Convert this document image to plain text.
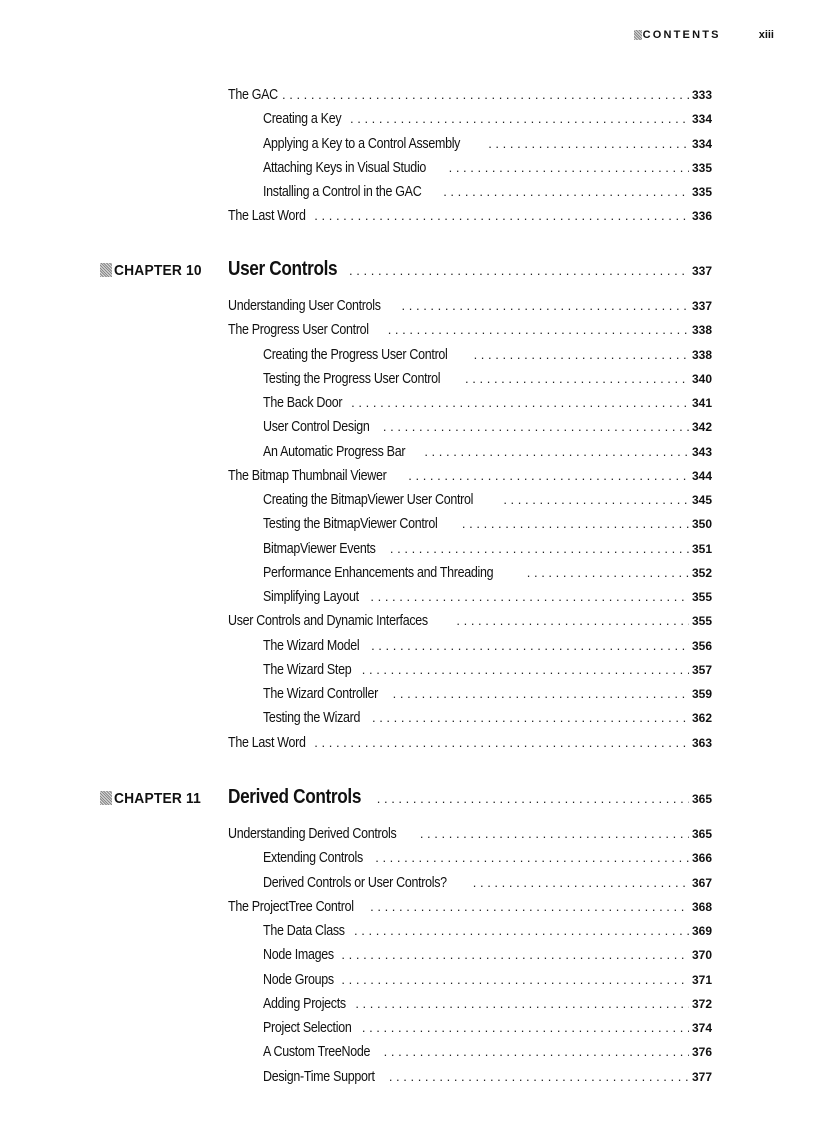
CONTENTS	xiii
The GAC . . .	333
Creating a Key . . .	334
Applying a Key to a Control Assembly . . .	334
Attaching Keys in Visual Studio . . .	335
Installing a Control in the GAC . . .	335
The Last Word . . .	336
CHAPTER 10 User Controls . . .	337
Understanding User Controls . . .	337
The Progress User Control . . .	338
Creating the Progress User Control . . .	338
Testing the Progress User Control . . .	340
The Back Door . . .	341
User Control Design . . .	342
An Automatic Progress Bar . . .	343
The Bitmap Thumbnail Viewer . . .	344
Creating the BitmapViewer User Control . . .	345
Testing the BitmapViewer Control . . .	350
BitmapViewer Events . . .	351
Performance Enhancements and Threading . . .	352
Simplifying Layout . . .	355
User Controls and Dynamic Interfaces . . .	355
The Wizard Model . . .	356
The Wizard Step . . .	357
The Wizard Controller . . .	359
Testing the Wizard . . .	362
The Last Word . . .	363
CHAPTER 11 Derived Controls . . .	365
Understanding Derived Controls . . .	365
Extending Controls . . .	366
Derived Controls or User Controls? . . .	367
The ProjectTree Control . . .	368
The Data Class . . .	369
Node Images . . .	370
Node Groups . . .	371
Adding Projects . . .	372
Project Selection . . .	374
A Custom TreeNode . . .	376
Design-Time Support . . .	377
